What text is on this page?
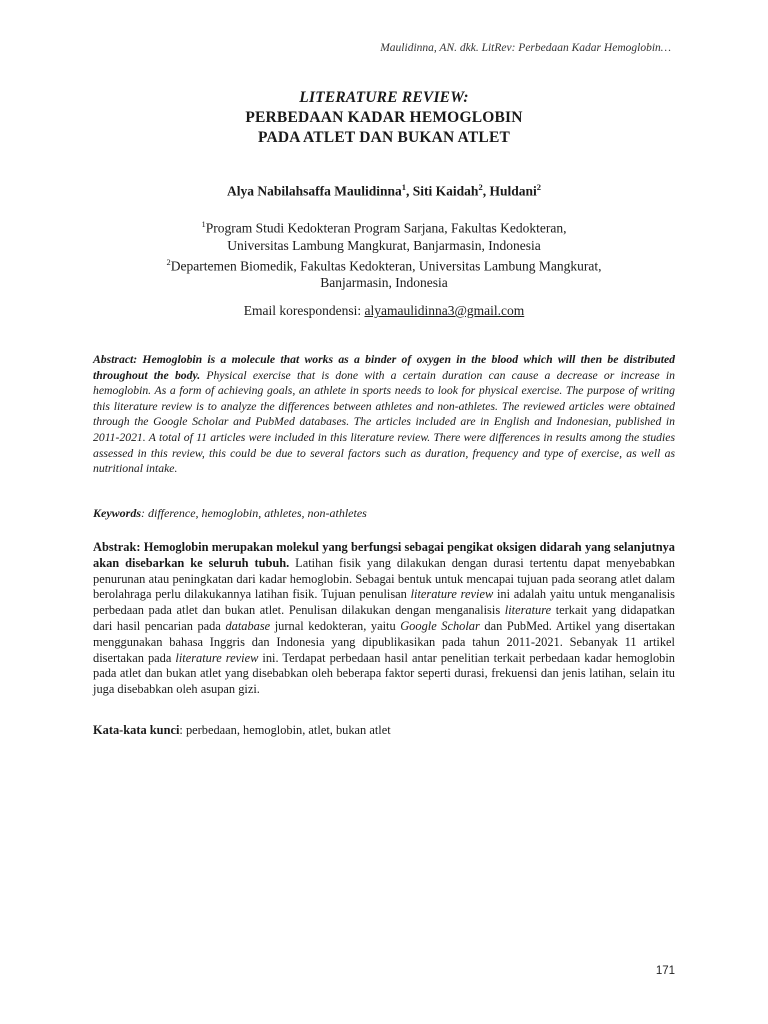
Maulidinna, AN. dkk. LitRev: Perbedaan Kadar Hemoglobin…
LITERATURE REVIEW:
PERBEDAAN KADAR HEMOGLOBIN
PADA ATLET DAN BUKAN ATLET
Alya Nabilahsaffa Maulidinna$^1$, Siti Kaidah$^2$, Huldani$^2$
$^1$Program Studi Kedokteran Program Sarjana, Fakultas Kedokteran,
Universitas Lambung Mangkurat, Banjarmasin, Indonesia
$^2$Departemen Biomedik, Fakultas Kedokteran, Universitas Lambung Mangkurat,
Banjarmasin, Indonesia
Email korespondensi: alyamaulidinna3@gmail.com
Abstract: Hemoglobin is a molecule that works as a binder of oxygen in the blood which will then be distributed throughout the body. Physical exercise that is done with a certain duration can cause a decrease or increase in hemoglobin. As a form of achieving goals, an athlete in sports needs to look for physical exercise. The purpose of writing this literature review is to analyze the differences between athletes and non-athletes. The reviewed articles were obtained through the Google Scholar and PubMed databases. The articles included are in English and Indonesian, published in 2011-2021. A total of 11 articles were included in this literature review. There were differences in results among the studies assessed in this review, this could be due to several factors such as duration, frequency and type of exercise, as well as nutritional intake.
Keywords: difference, hemoglobin, athletes, non-athletes
Abstrak: Hemoglobin merupakan molekul yang berfungsi sebagai pengikat oksigen didarah yang selanjutnya akan disebarkan ke seluruh tubuh. Latihan fisik yang dilakukan dengan durasi tertentu dapat menyebabkan penurunan atau peningkatan dari kadar hemoglobin. Sebagai bentuk untuk mencapai tujuan pada seorang atlet dalam berolahraga perlu dilakukannya latihan fisik. Tujuan penulisan literature review ini adalah yaitu untuk menganalisis perbedaan pada atlet dan bukan atlet. Penulisan dilakukan dengan menganalisis literature terkait yang didapatkan dari hasil pencarian pada database jurnal kedokteran, yaitu Google Scholar dan PubMed. Artikel yang disertakan menggunakan bahasa Inggris dan Indonesia yang dipublikasikan pada tahun 2011-2021. Sebanyak 11 artikel disertakan pada literature review ini. Terdapat perbedaan hasil antar penelitian terkait perbedaan kadar hemoglobin pada atlet dan bukan atlet yang disebabkan oleh beberapa faktor seperti durasi, frekuensi dan jenis latihan, selain itu juga disebabkan oleh asupan gizi.
Kata-kata kunci: perbedaan, hemoglobin, atlet, bukan atlet
171
